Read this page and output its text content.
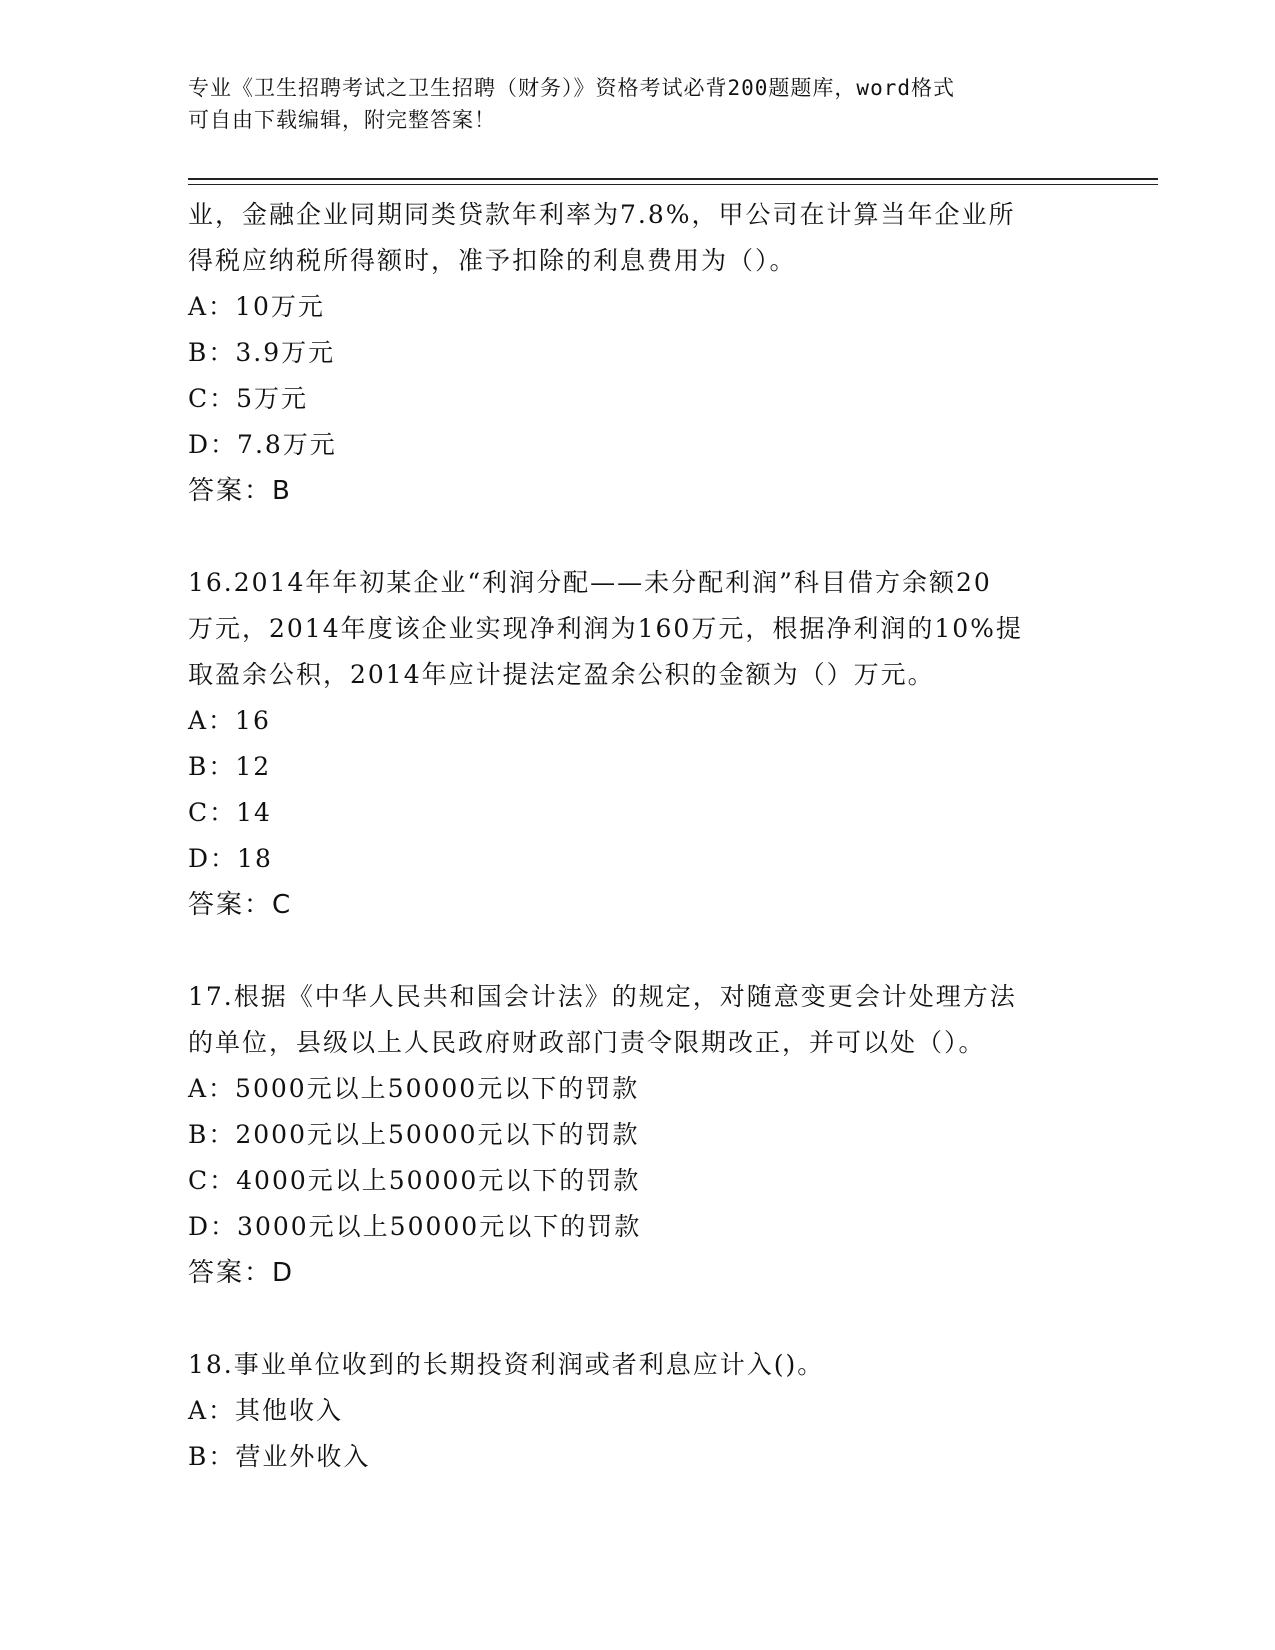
专业《卫生招聘考试之卫生招聘（财务）》资格考试必背200题题库，word格式
可自由下载编辑，附完整答案！
业，金融企业同期同类贷款年利率为7.8%，甲公司在计算当年企业所
得税应纳税所得额时，准予扣除的利息费用为（）。
A：10万元
B：3.9万元
C：5万元
D：7.8万元
答案：B
16.2014年年初某企业“利润分配——未分配利润”科目借方余额20
万元，2014年度该企业实现净利润为160万元，根据净利润的10%提
取盈余公积，2014年应计提法定盈余公积的金额为（）万元。
A：16
B：12
C：14
D：18
答案：C
17.根据《中华人民共和国会计法》的规定，对随意变更会计处理方法
的单位，县级以上人民政府财政部门责令限期改正，并可以处（）。
A：5000元以上50000元以下的罚款
B：2000元以上50000元以下的罚款
C：4000元以上50000元以下的罚款
D：3000元以上50000元以下的罚款
答案：D
18.事业单位收到的长期投资利润或者利息应计入()。
A：其他收入
B：营业外收入
